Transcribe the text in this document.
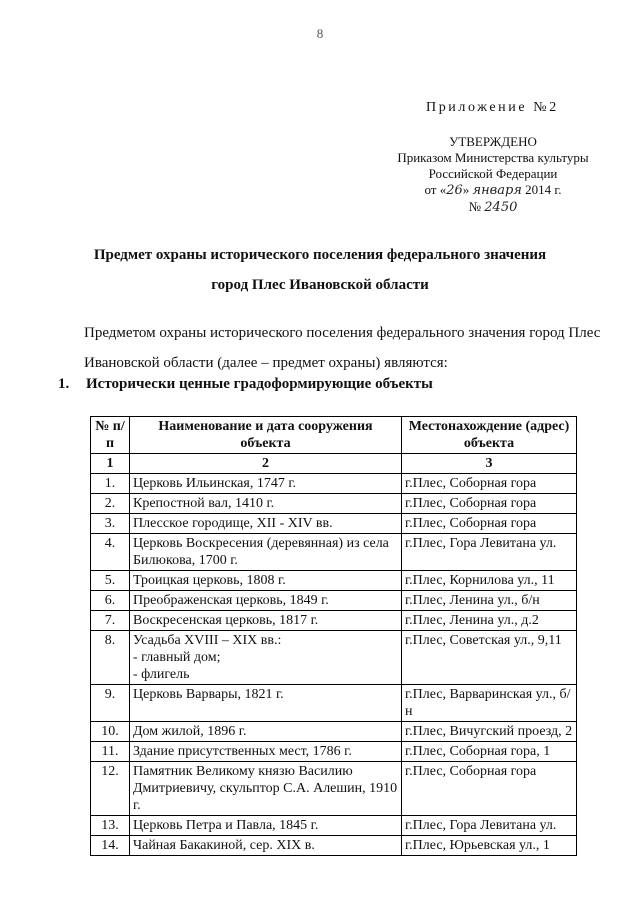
8
Приложение №2
УТВЕРЖДЕНО
Приказом Министерства культуры
Российской Федерации
от «26» января 2014 г.
№ 2450
Предмет охраны исторического поселения федерального значения
город Плес Ивановской области
Предметом охраны исторического поселения федерального значения город Плес Ивановской области (далее – предмет охраны) являются:
1. Исторически ценные градоформирующие объекты
№ п/п	Наименование и дата сооружения объекта	Местонахождение (адрес) объекта
1	2	3
1.	Церковь Ильинская, 1747 г.	г.Плес, Соборная гора
2.	Крепостной вал, 1410 г.	г.Плес, Соборная гора
3.	Плесское городище, XII - XIV вв.	г.Плес, Соборная гора
4.	Церковь Воскресения (деревянная) из села Билюкова, 1700 г.	г.Плес, Гора Левитана ул.
5.	Троицкая церковь, 1808 г.	г.Плес, Корнилова ул., 11
6.	Преображенская церковь, 1849 г.	г.Плес, Ленина ул., б/н
7.	Воскресенская церковь, 1817 г.	г.Плес, Ленина ул., д.2
8.	Усадьба XVIII – XIX вв.:
- главный дом;
- флигель	г.Плес, Советская ул., 9,11
9.	Церковь Варвары, 1821 г.	г.Плес, Варваринская ул., б/н
10.	Дом жилой, 1896 г.	г.Плес, Вичугский проезд, 2
11.	Здание присутственных мест, 1786 г.	г.Плес, Соборная гора, 1
12.	Памятник Великому князю Василию Дмитриевичу, скульптор С.А. Алешин, 1910 г.	г.Плес, Соборная гора
13.	Церковь Петра и Павла, 1845 г.	г.Плес, Гора Левитана ул.
14.	Чайная Бакакиной, сер. XIX в.	г.Плес, Юрьевская ул., 1
